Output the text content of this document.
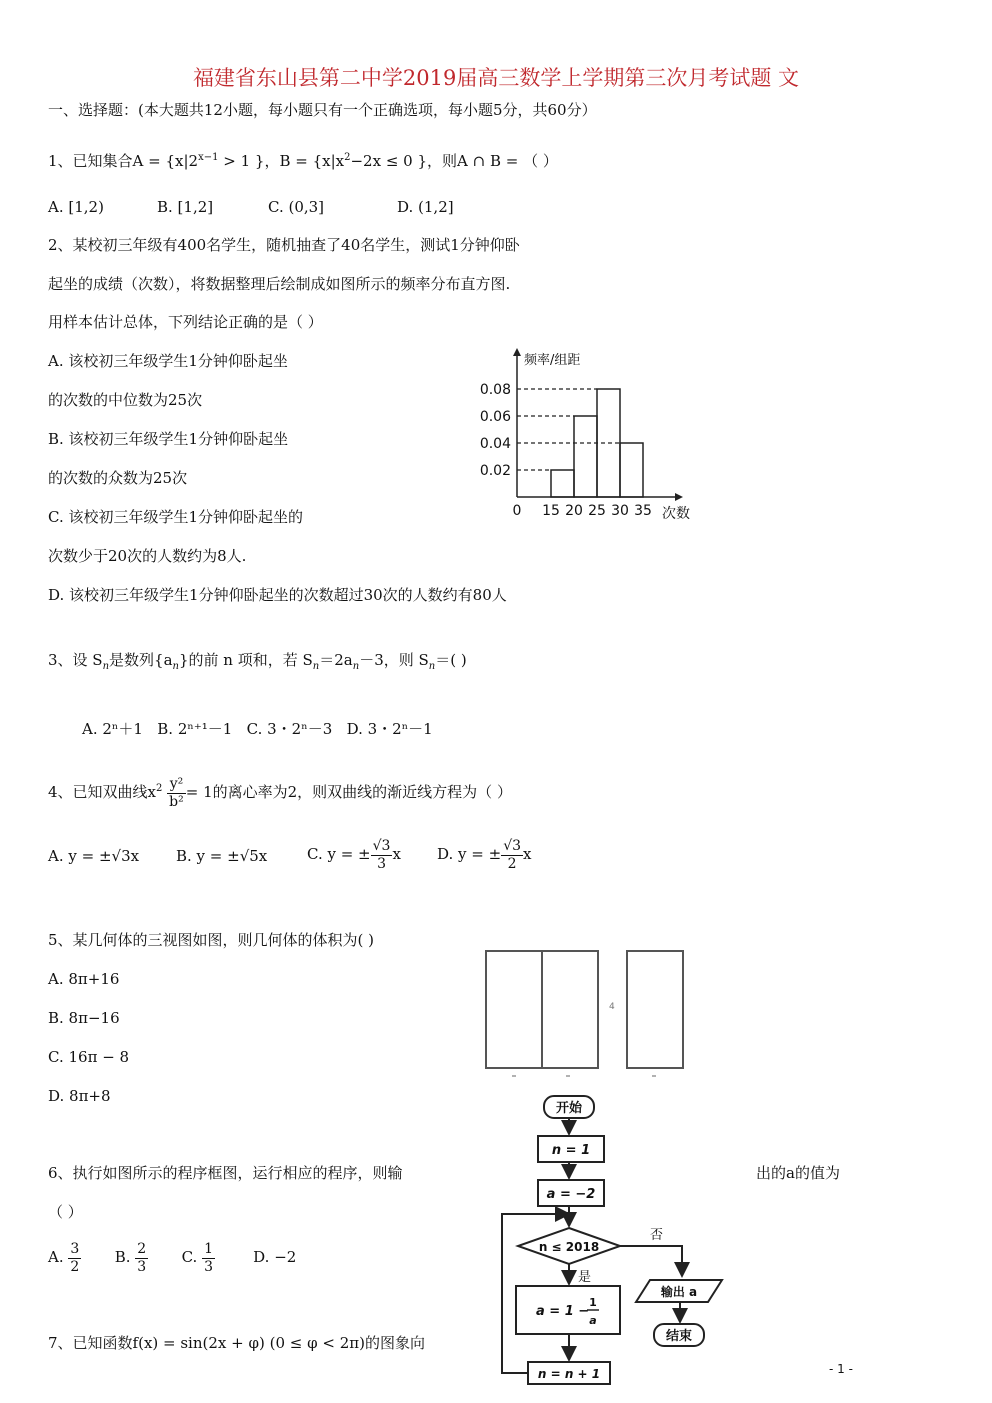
福建省东山县第二中学2019届高三数学上学期第三次月考试题 文
一、选择题：(本大题共12小题，每小题只有一个正确选项，每小题5分，共60分）
1、已知集合$A = \{x|2^{x-1} > 1$ }，$B = \{x|x^2-2x \le 0$ }，则A ∩ B = （ ）
A. [1,2)	B. [1,2]	C. (0,3]	D. (1,2]
2、某校初三年级有400名学生，随机抽查了40名学生，测试1分钟仰卧
起坐的成绩（次数），将数据整理后绘制成如图所示的频率分布直方图.
用样本估计总体，下列结论正确的是（ ）
A. 该校初三年级学生1分钟仰卧起坐
的次数的中位数为25次
B. 该校初三年级学生1分钟仰卧起坐
的次数的众数为25次
C. 该校初三年级学生1分钟仰卧起坐的
次数少于20次的人数约为8人.
D. 该校初三年级学生1分钟仰卧起坐的次数超过30次的人数约有80人
0.02
0.04
0.06
0.08
0 15 20 25 30 35
频率/组距
次数
3、设 $S_n$是数列$\{a_n\}$的前 n 项和，若 $S_n=2a_n-3$，则 $S_n=$( )
A. 2ⁿ＋1 B. 2ⁿ⁺¹－1 C. 3・2ⁿ－3 D. 3・2ⁿ－1
4、已知双曲线$x^2 \frac{\text{y²}}{\text{b²}} = 1$的离心率为2，则双曲线的渐近线方程为（ ）
A. y = ±√3x B. y = ±√5x	C. y = ± $\frac{√3}{3}$ x D. y = ± $\frac{√3}{2}$ x
5、某几何体的三视图如图，则几何体的体积为( )
A. 8π+16
B. 8π−16
C. 16π − 8
D. 8π+8
4
6、执行如图所示的程序框图，运行相应的程序，则输	出的a的值为
（ ）
A. $\frac{3}{2} B$. $\frac{2}{3} C$. $\frac{1}{3}$	D. −2
开始
n = 1
a = −2
n ≤ 2018
是
否
a = 1 −
1
a
输出 a
结束
n = n + 1
7、已知函数f(x) = sin(2x + φ) (0 ≤ φ < 2π)的图象向
- 1 -
